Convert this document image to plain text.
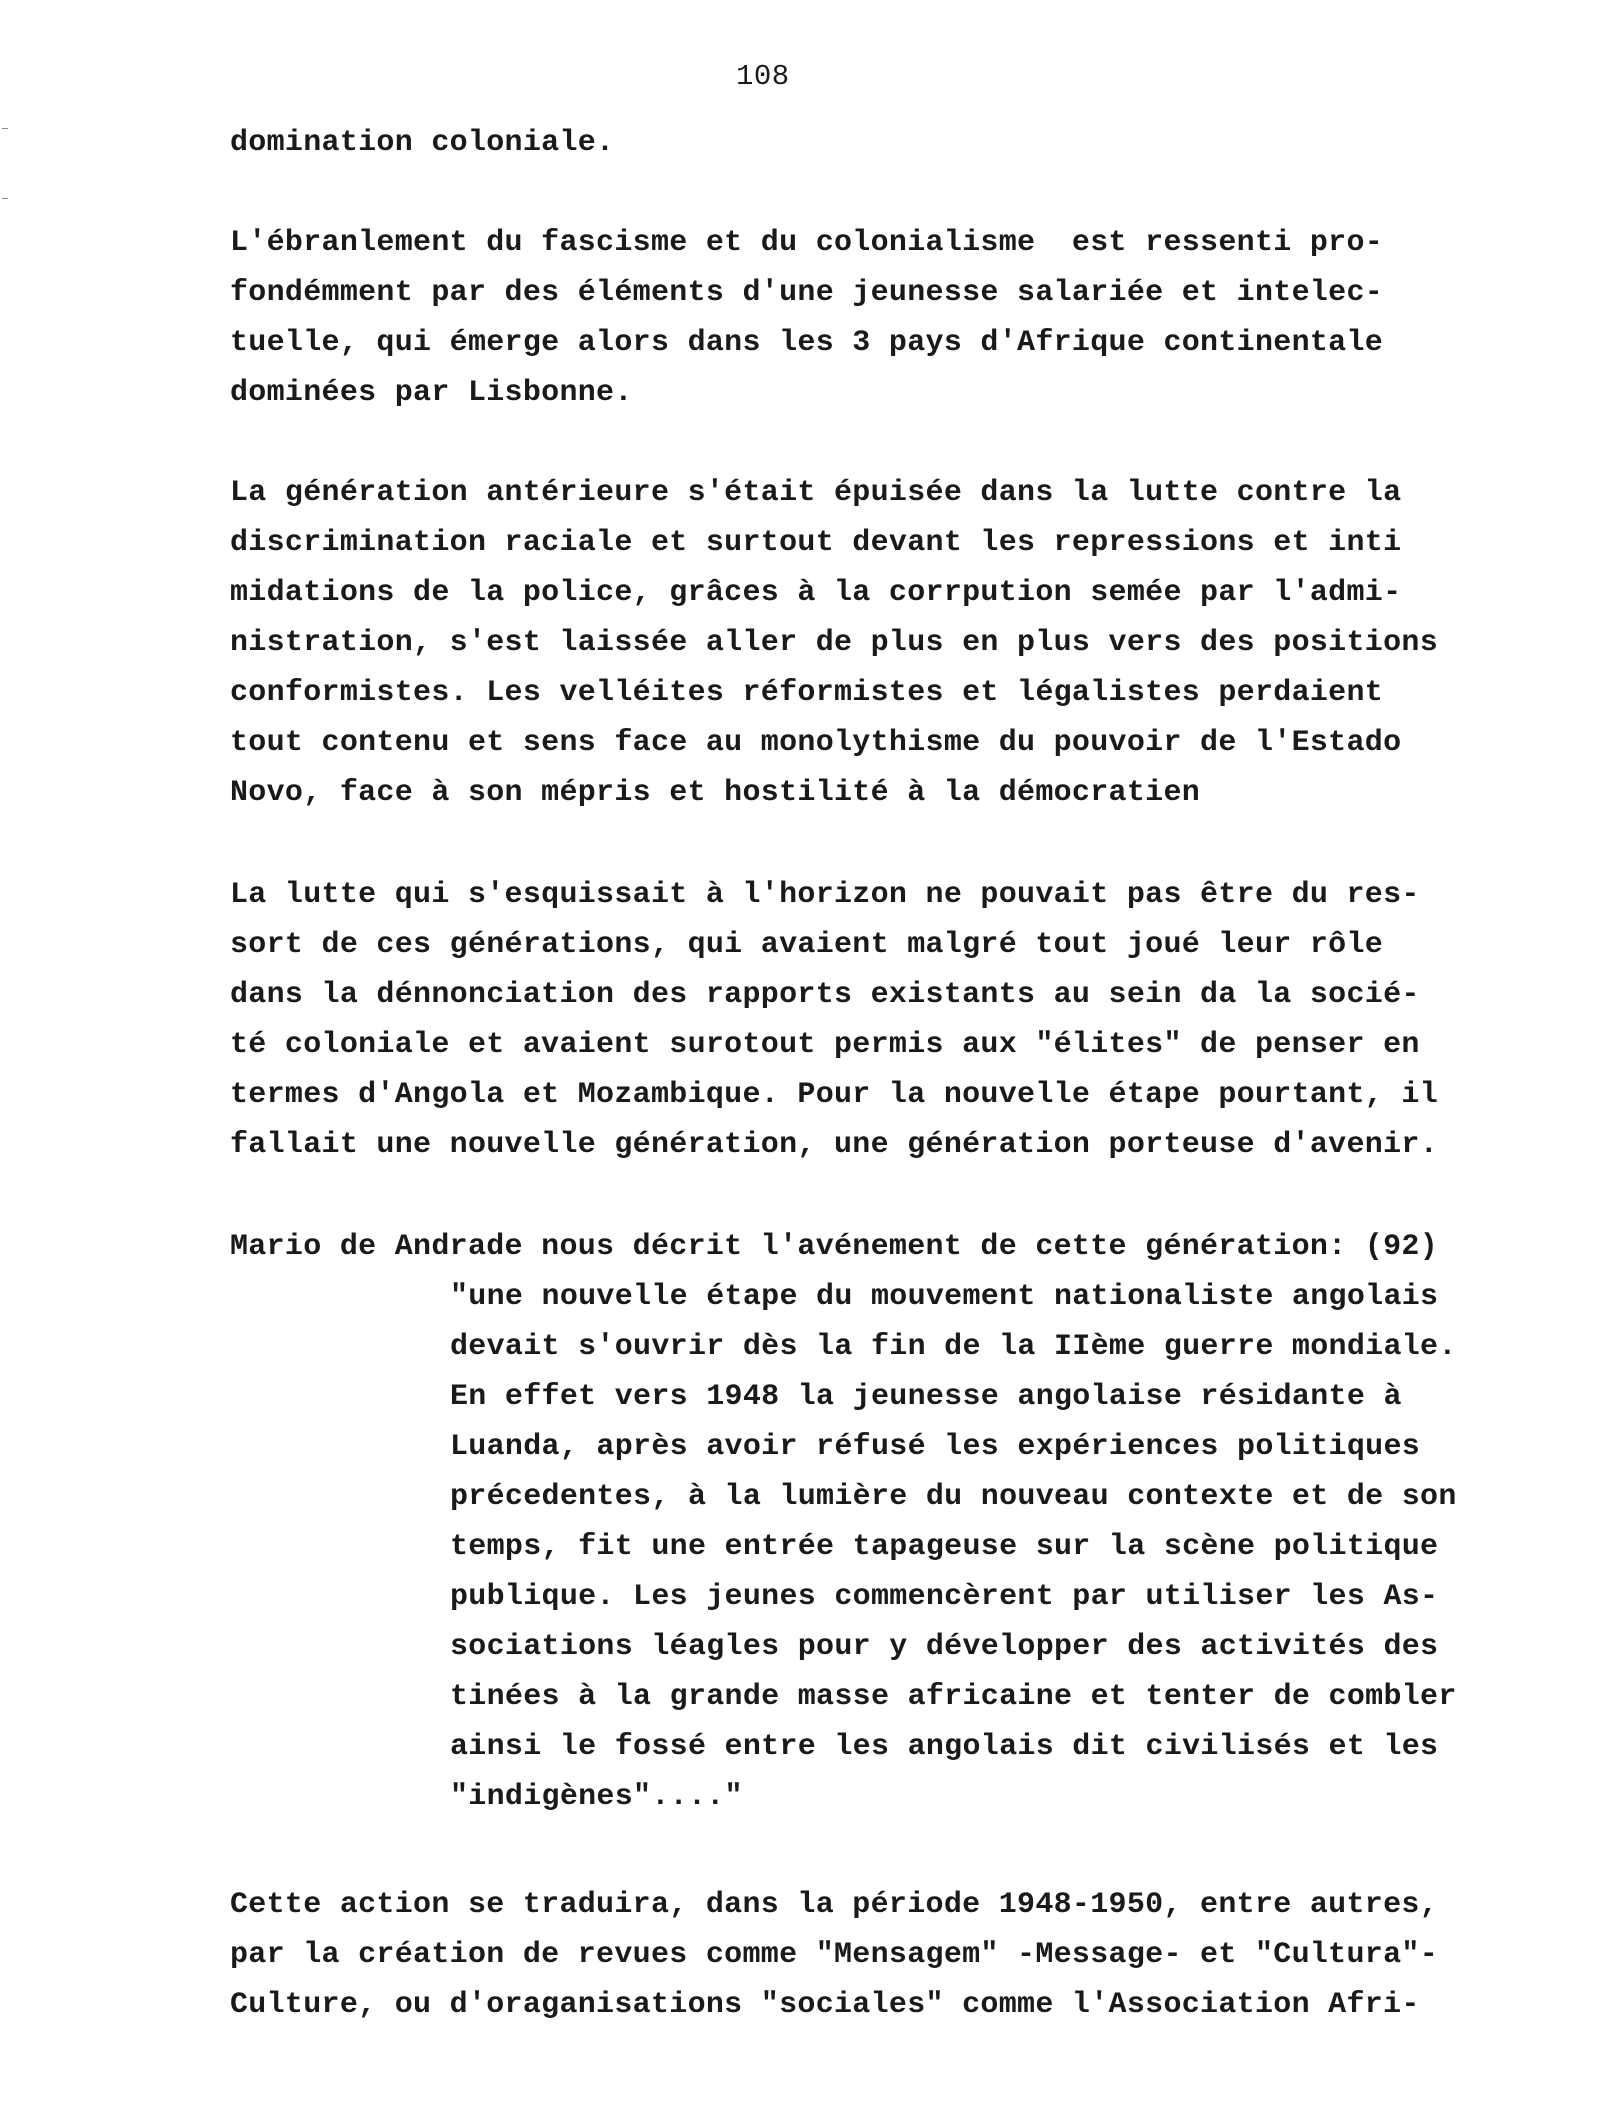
108
domination coloniale.
L'ébranlement du fascisme et du colonialisme  est ressenti pro-
fondémment par des éléments d'une jeunesse salariée et intelec-
tuelle, qui émerge alors dans les 3 pays d'Afrique continentale
dominées par Lisbonne.
La génération antérieure s'était épuisée dans la lutte contre la
discrimination raciale et surtout devant les repressions et inti
midations de la police, grâces à la corrpution semée par l'admi-
nistration, s'est laissée aller de plus en plus vers des positions
conformistes. Les velléites réformistes et légalistes perdaient
tout contenu et sens face au monolythisme du pouvoir de l'Estado
Novo, face à son mépris et hostilité à la démocratien
La lutte qui s'esquissait à l'horizon ne pouvait pas être du res-
sort de ces générations, qui avaient malgré tout joué leur rôle
dans la dénnonciation des rapports existants au sein da la socié-
té coloniale et avaient surotout permis aux "élites" de penser en
termes d'Angola et Mozambique. Pour la nouvelle étape pourtant, il
fallait une nouvelle génération, une génération porteuse d'avenir.
Mario de Andrade nous décrit l'avénement de cette génération: (92)
"une nouvelle étape du mouvement nationaliste angolais
devait s'ouvrir dès la fin de la IIème guerre mondiale.
En effet vers 1948 la jeunesse angolaise résidante à
Luanda, après avoir réfusé les expériences politiques
précedentes, à la lumière du nouveau contexte et de son
temps, fit une entrée tapageuse sur la scène politique
publique. Les jeunes commencèrent par utiliser les As-
sociations léagles pour y développer des activités des
tinées à la grande masse africaine et tenter de combler
ainsi le fossé entre les angolais dit civilisés et les
"indigènes"...."
Cette action se traduira, dans la période 1948-1950, entre autres,
par la création de revues comme "Mensagem" -Message- et "Cultura"-
Culture, ou d'oraganisations "sociales" comme l'Association Afri-
